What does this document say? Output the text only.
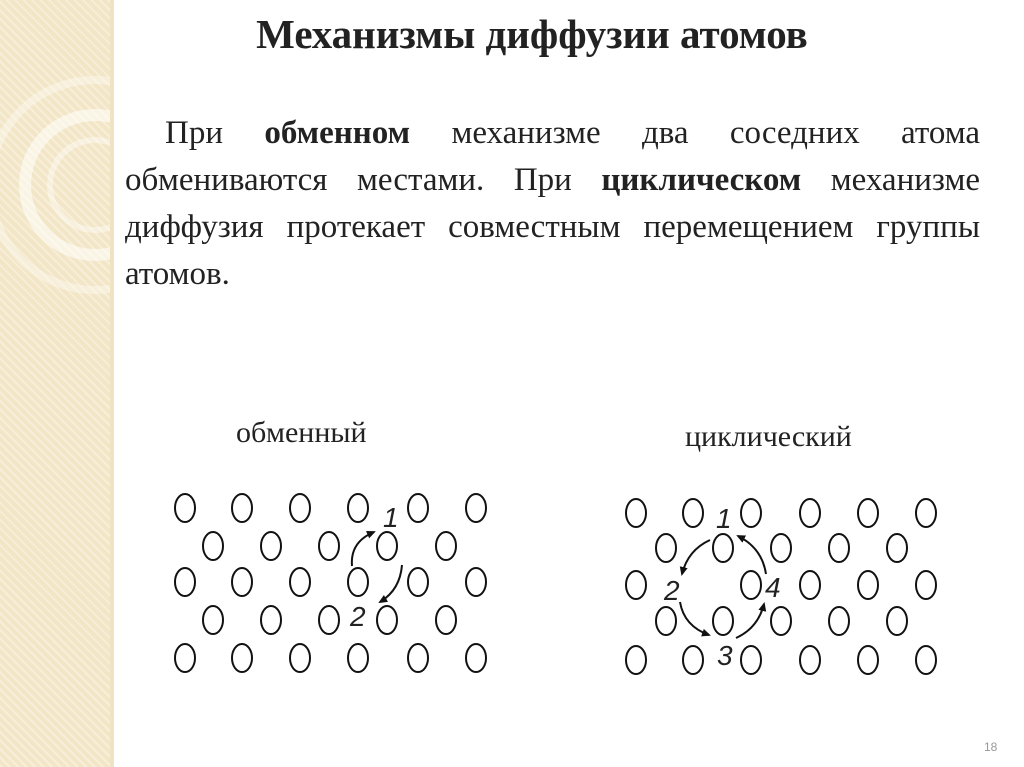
Механизмы диффузии атомов

При обменном механизме два соседних атома обмениваются местами. При циклическом механизме диффузия протекает совместным перемещением группы атомов.

обменный	циклический
1
2
1
2
3
4
18
